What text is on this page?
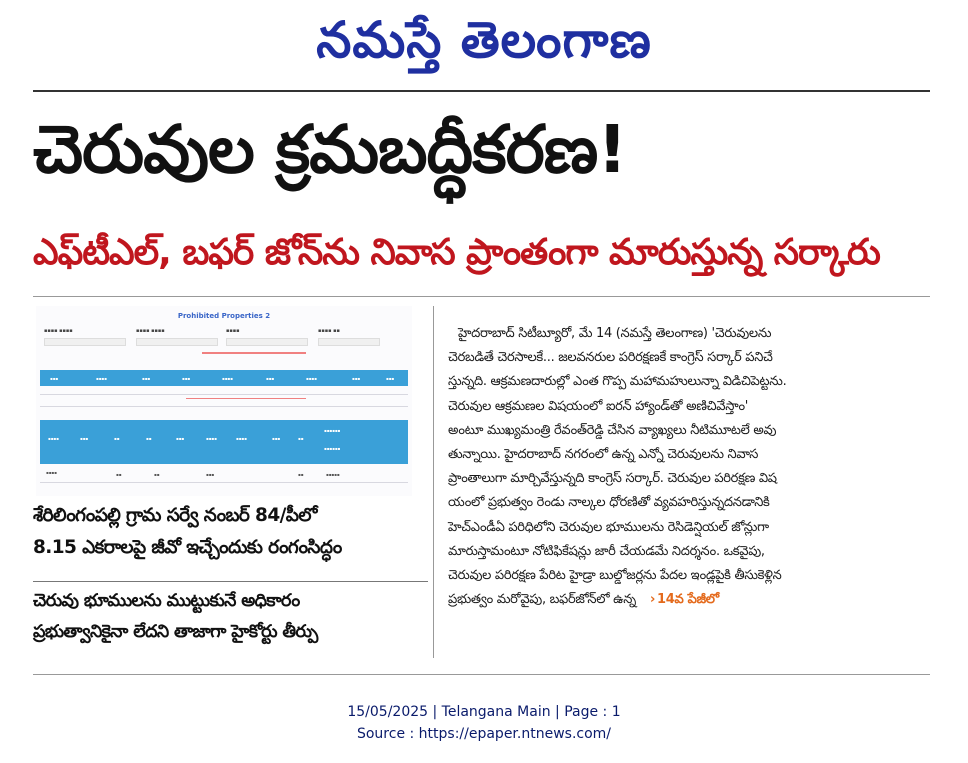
నమస్తే తెలంగాణ
చెరువుల క్రమబద్ధీకరణ!
ఎఫ్‌టీఎల్, బఫర్ జోన్‌ను నివాస ప్రాంతంగా మారుస్తున్న సర్కారు
Prohibited Properties 2
▪▪▪▪ ▪▪▪▪	▪▪▪▪ ▪▪▪▪	▪▪▪▪	▪▪▪▪ ▪▪
▪▪▪	▪▪▪▪	▪▪▪	▪▪▪	▪▪▪▪	▪▪▪	▪▪▪▪	▪▪▪	▪▪▪
▪▪▪▪	▪▪▪	▪▪	▪▪	▪▪▪	▪▪▪▪	▪▪▪▪	▪▪▪	▪▪
▪▪▪▪▪▪
▪▪▪▪▪▪
▪▪▪▪	▪▪	▪▪	▪▪▪	▪▪	▪▪▪▪▪
శేరిలింగంపల్లి గ్రామ సర్వే నంబర్ 84/పీలో
8.15 ఎకరాలపై జీవో ఇచ్చేందుకు రంగంసిద్ధం
చెరువు భూములను ముట్టుకునే అధికారం
ప్రభుత్వానికైనా లేదని తాజాగా హైకోర్టు తీర్పు
హైదరాబాద్ సిటీబ్యూరో, మే 14 (నమస్తే తెలంగాణ) 'చెరువులను
చెరబడితే చెరసాలకే... జలవనరుల పరిరక్షణకే కాంగ్రెస్ సర్కార్ పనిచే
స్తున్నది. ఆక్రమణదారుల్లో ఎంత గొప్ప మహామహులున్నా విడిచిపెట్టను.
చెరువుల ఆక్రమణల విషయంలో ఐరన్ హ్యాండ్‌తో అణిచివేస్తాం'
అంటూ ముఖ్యమంత్రి రేవంత్‌రెడ్డి చేసిన వ్యాఖ్యలు నీటిమూటలే అవు
తున్నాయి. హైదరాబాద్ నగరంలో ఉన్న ఎన్నో చెరువులను నివాస
ప్రాంతాలుగా మార్చివేస్తున్నది కాంగ్రెస్ సర్కార్. చెరువుల పరిరక్షణ విష
యంలో ప్రభుత్వం రెండు నాల్కల ధోరణితో వ్యవహరిస్తున్నదనడానికి
హెచ్‌ఎండీఏ పరిధిలోని చెరువుల భూములను రెసిడెన్షియల్ జోన్లుగా
మారుస్తామంటూ నోటిఫికేషన్లు జారీ చేయడమే నిదర్శనం. ఒకవైపు,
చెరువుల పరిరక్షణ పేరిట హైడ్రా బుల్డోజర్లను పేదల ఇండ్లపైకి తీసుకెళ్లిన
ప్రభుత్వం మరోవైపు, బఫర్‌జోన్‌లో ఉన్న › 14వ పేజీలో
15/05/2025 | Telangana Main | Page : 1
Source : https://epaper.ntnews.com/
